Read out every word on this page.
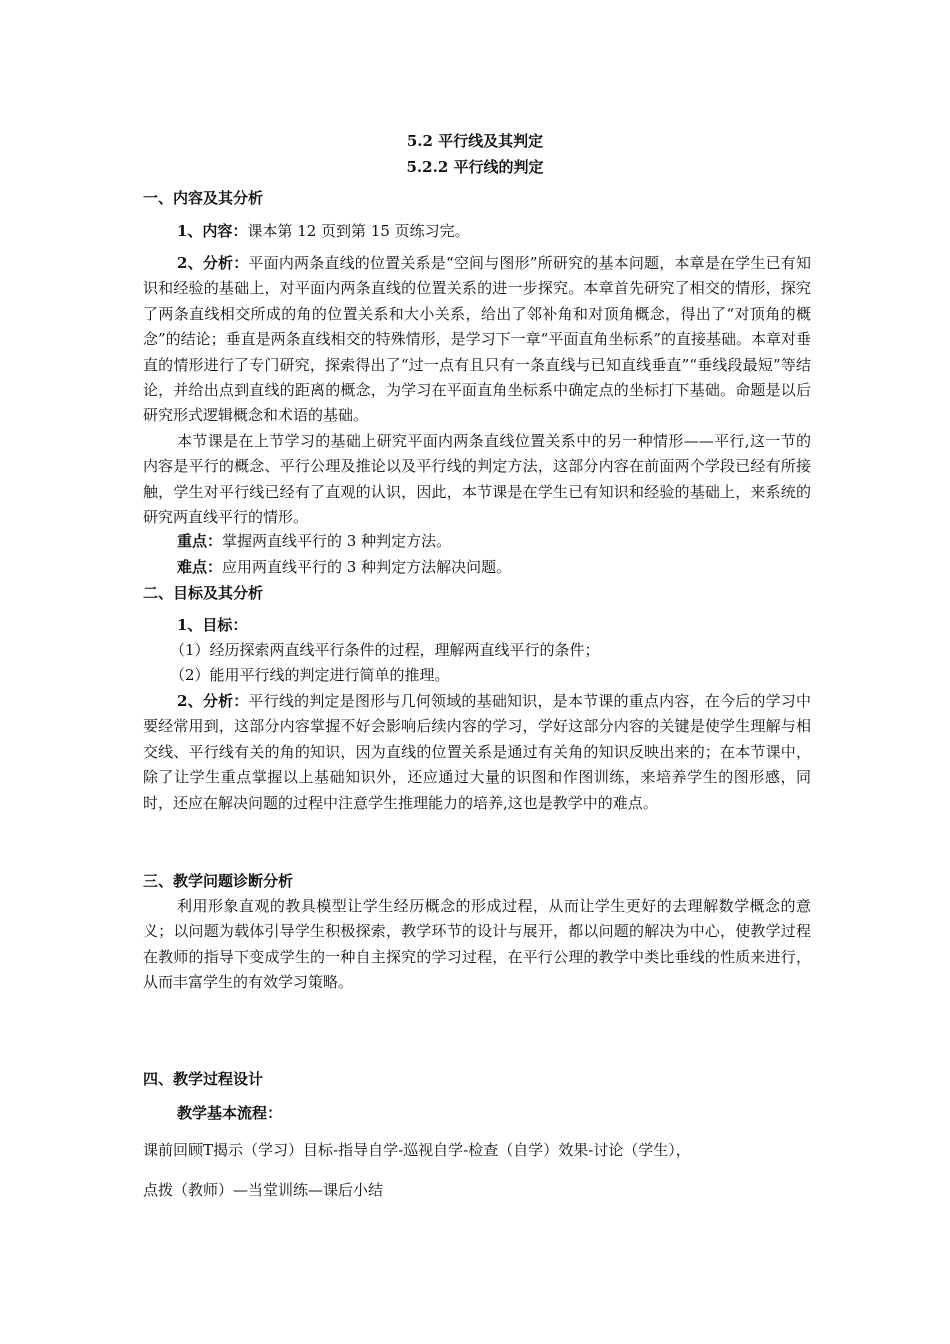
5.2 平行线及其判定
5.2.2 平行线的判定
一、内容及其分析
1、内容：课本第 12 页到第 15 页练习完。
2、分析：平面内两条直线的位置关系是“空间与图形”所研究的基本问题，本章是在学生已有知识和经验的基础上，对平面内两条直线的位置关系的进一步探究。本章首先研究了相交的情形，探究了两条直线相交所成的角的位置关系和大小关系，给出了邻补角和对顶角概念，得出了“对顶角的概念”的结论；垂直是两条直线相交的特殊情形，是学习下一章“平面直角坐标系”的直接基础。本章对垂直的情形进行了专门研究，探索得出了“过一点有且只有一条直线与已知直线垂直”“垂线段最短”等结论，并给出点到直线的距离的概念，为学习在平面直角坐标系中确定点的坐标打下基础。命题是以后研究形式逻辑概念和术语的基础。
本节课是在上节学习的基础上研究平面内两条直线位置关系中的另一种情形——平行,这一节的内容是平行的概念、平行公理及推论以及平行线的判定方法，这部分内容在前面两个学段已经有所接触，学生对平行线已经有了直观的认识，因此，本节课是在学生已有知识和经验的基础上，来系统的研究两直线平行的情形。
重点：掌握两直线平行的 3 种判定方法。
难点：应用两直线平行的 3 种判定方法解决问题。
二、目标及其分析
1、目标：
（1）经历探索两直线平行条件的过程，理解两直线平行的条件；
（2）能用平行线的判定进行简单的推理。
2、分析：平行线的判定是图形与几何领域的基础知识，是本节课的重点内容，在今后的学习中要经常用到，这部分内容掌握不好会影响后续内容的学习，学好这部分内容的关键是使学生理解与相交线、平行线有关的角的知识，因为直线的位置关系是通过有关角的知识反映出来的；在本节课中，除了让学生重点掌握以上基础知识外，还应通过大量的识图和作图训练，来培养学生的图形感，同时，还应在解决问题的过程中注意学生推理能力的培养,这也是教学中的难点。
三、教学问题诊断分析
利用形象直观的教具模型让学生经历概念的形成过程，从而让学生更好的去理解数学概念的意义；以问题为载体引导学生积极探索，教学环节的设计与展开，都以问题的解决为中心，使教学过程在教师的指导下变成学生的一种自主探究的学习过程，在平行公理的教学中类比垂线的性质来进行，从而丰富学生的有效学习策略。
四、教学过程设计
教学基本流程：
课前回顾T揭示（学习）目标-指导自学-巡视自学-检查（自学）效果-讨论（学生），
点拨（教师）—当堂训练—课后小结
